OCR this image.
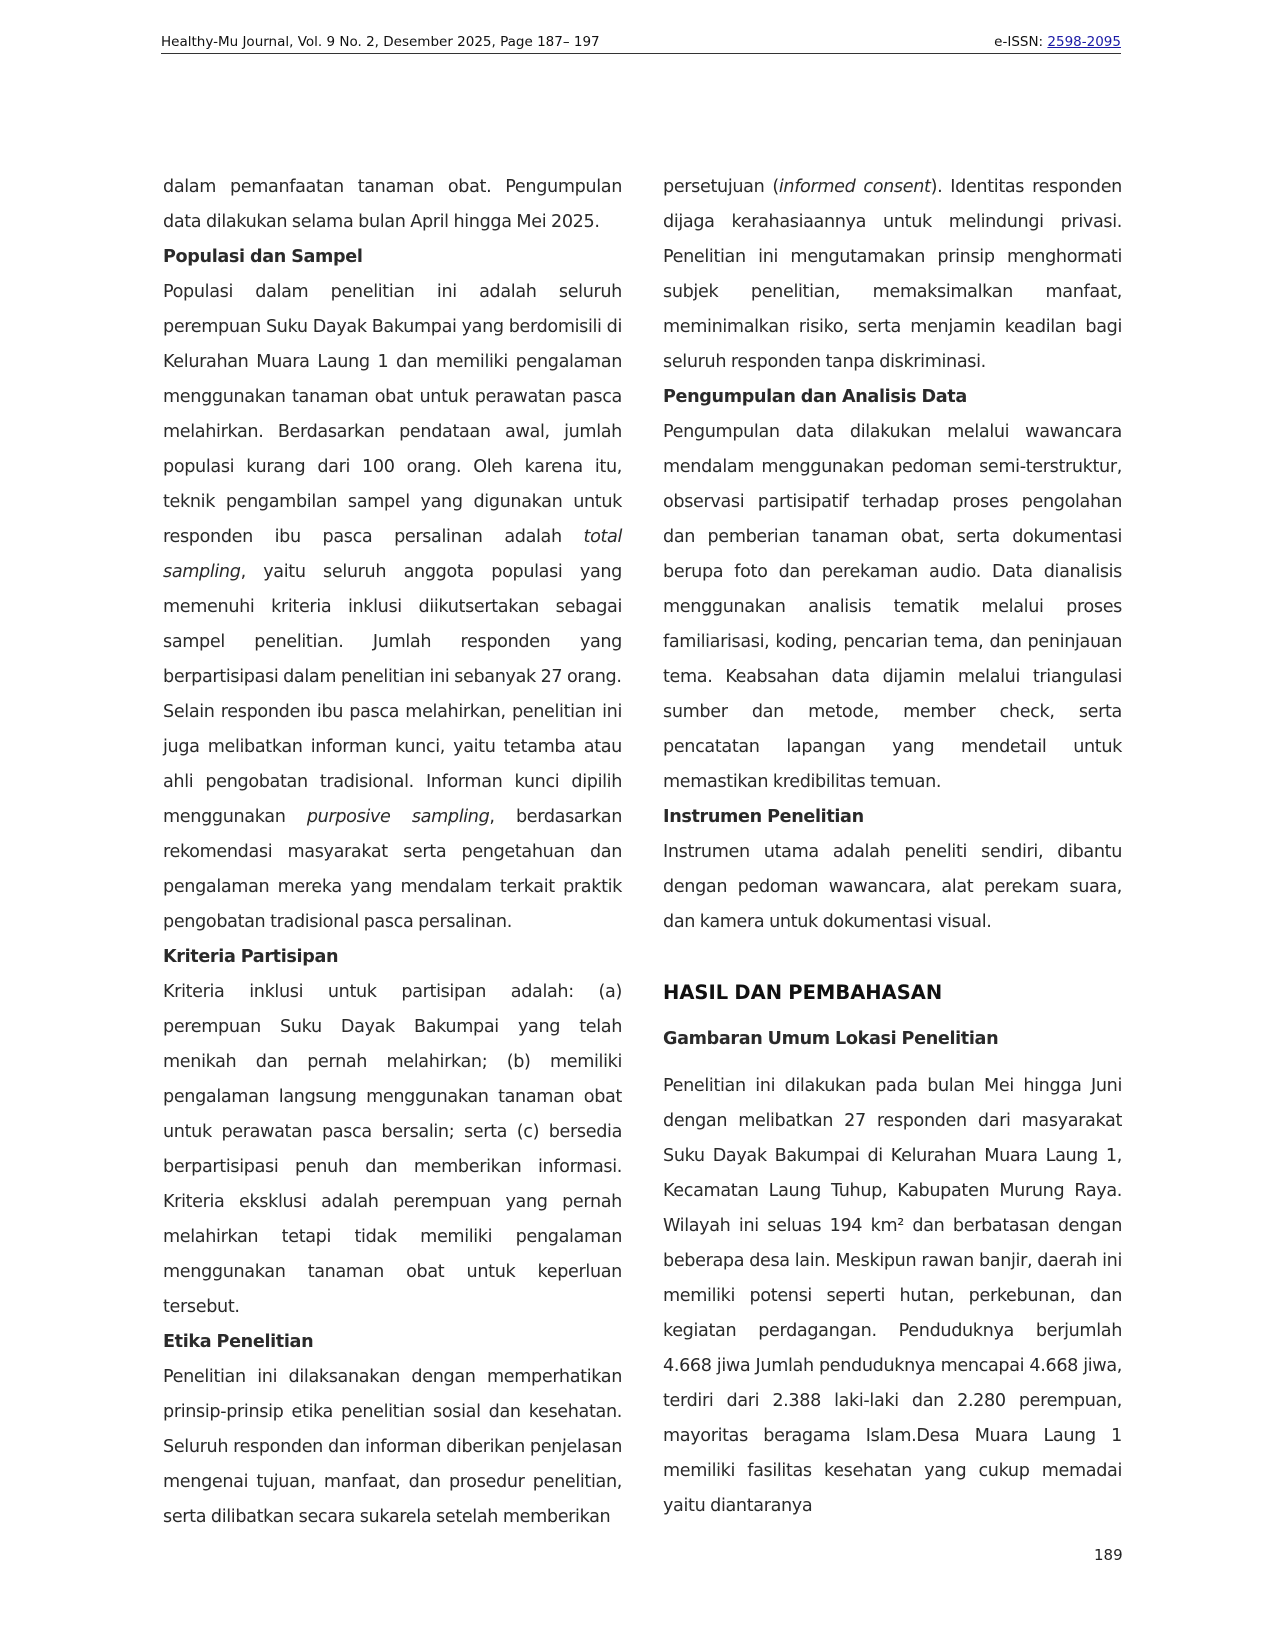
Healthy-Mu Journal, Vol. 9 No. 2, Desember 2025, Page 187– 197	e-ISSN: 2598-2095

dalam pemanfaatan tanaman obat. Pengumpulan data dilakukan selama bulan April hingga Mei 2025.

Populasi dan Sampel

Populasi dalam penelitian ini adalah seluruh perempuan Suku Dayak Bakumpai yang berdomisili di Kelurahan Muara Laung 1 dan memiliki pengalaman menggunakan tanaman obat untuk perawatan pasca melahirkan. Berdasarkan pendataan awal, jumlah populasi kurang dari 100 orang. Oleh karena itu, teknik pengambilan sampel yang digunakan untuk responden ibu pasca persalinan adalah total sampling, yaitu seluruh anggota populasi yang memenuhi kriteria inklusi diikutsertakan sebagai sampel penelitian. Jumlah responden yang berpartisipasi dalam penelitian ini sebanyak 27 orang.

Selain responden ibu pasca melahirkan, penelitian ini juga melibatkan informan kunci, yaitu tetamba atau ahli pengobatan tradisional. Informan kunci dipilih menggunakan purposive sampling, berdasarkan rekomendasi masyarakat serta pengetahuan dan pengalaman mereka yang mendalam terkait praktik pengobatan tradisional pasca persalinan.

Kriteria Partisipan

Kriteria inklusi untuk partisipan adalah: (a) perempuan Suku Dayak Bakumpai yang telah menikah dan pernah melahirkan; (b) memiliki pengalaman langsung menggunakan tanaman obat untuk perawatan pasca bersalin; serta (c) bersedia berpartisipasi penuh dan memberikan informasi. Kriteria eksklusi adalah perempuan yang pernah melahirkan tetapi tidak memiliki pengalaman menggunakan tanaman obat untuk keperluan tersebut.

Etika Penelitian

Penelitian ini dilaksanakan dengan memperhatikan prinsip-prinsip etika penelitian sosial dan kesehatan. Seluruh responden dan informan diberikan penjelasan mengenai tujuan, manfaat, dan prosedur penelitian, serta dilibatkan secara sukarela setelah memberikan

persetujuan (informed consent). Identitas responden dijaga kerahasiaannya untuk melindungi privasi. Penelitian ini mengutamakan prinsip menghormati subjek penelitian, memaksimalkan manfaat, meminimalkan risiko, serta menjamin keadilan bagi seluruh responden tanpa diskriminasi.

Pengumpulan dan Analisis Data

Pengumpulan data dilakukan melalui wawancara mendalam menggunakan pedoman semi-terstruktur, observasi partisipatif terhadap proses pengolahan dan pemberian tanaman obat, serta dokumentasi berupa foto dan perekaman audio. Data dianalisis menggunakan analisis tematik melalui proses familiarisasi, koding, pencarian tema, dan peninjauan tema. Keabsahan data dijamin melalui triangulasi sumber dan metode, member check, serta pencatatan lapangan yang mendetail untuk memastikan kredibilitas temuan.

Instrumen Penelitian

Instrumen utama adalah peneliti sendiri, dibantu dengan pedoman wawancara, alat perekam suara, dan kamera untuk dokumentasi visual.

HASIL DAN PEMBAHASAN
Gambaran Umum Lokasi Penelitian

Penelitian ini dilakukan pada bulan Mei hingga Juni dengan melibatkan 27 responden dari masyarakat Suku Dayak Bakumpai di Kelurahan Muara Laung 1, Kecamatan Laung Tuhup, Kabupaten Murung Raya. Wilayah ini seluas 194 km² dan berbatasan dengan beberapa desa lain. Meskipun rawan banjir, daerah ini memiliki potensi seperti hutan, perkebunan, dan kegiatan perdagangan. Penduduknya berjumlah 4.668 jiwa Jumlah penduduknya mencapai 4.668 jiwa, terdiri dari 2.388 laki-laki dan 2.280 perempuan, mayoritas beragama Islam.Desa Muara Laung 1 memiliki fasilitas kesehatan yang cukup memadai yaitu diantaranya

189
